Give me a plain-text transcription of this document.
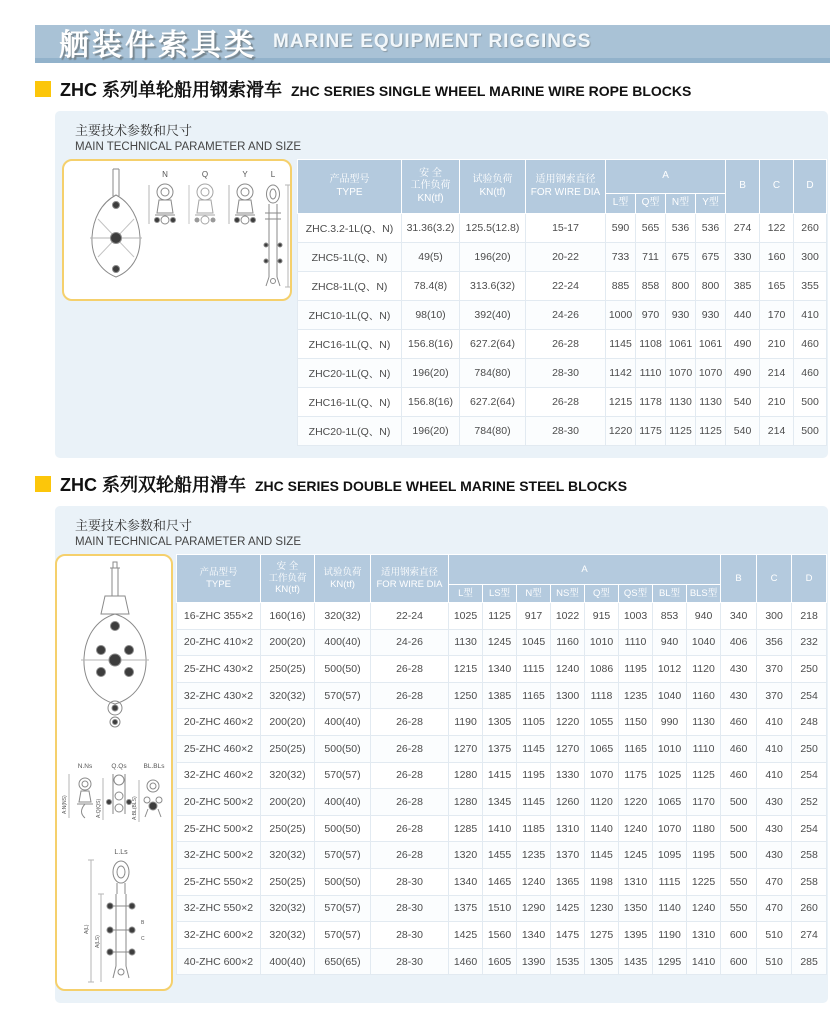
舾装件索具类 MARINE EQUIPMENT RIGGINGS
ZHC 系列单轮船用钢索滑车 ZHC SERIES SINGLE WHEEL MARINE WIRE ROPE BLOCKS
主要技术参数和尺寸
MAIN TECHNICAL PARAMETER AND SIZE
N	Q	Y	L	产品型号
TYPE	安 全
工作负荷
KN(tf)	试验负荷
KN(tf)	适用钢索直径
FOR WIRE DIA	A				B	C	D
				L型	Q型	N型	Y型			
ZHC.3.2-1L(Q、N)	31.36(3.2)	125.5(12.8)	15-17	590	565	536	536	274	122	260
ZHC5-1L(Q、N)	49(5)	196(20)	20-22	733	711	675	675	330	160	300
ZHC8-1L(Q、N)	78.4(8)	313.6(32)	22-24	885	858	800	800	385	165	355
ZHC10-1L(Q、N)	98(10)	392(40)	24-26	1000	970	930	930	440	170	410
ZHC16-1L(Q、N)	156.8(16)	627.2(64)	26-28	1145	1108	1061	1061	490	210	460
ZHC20-1L(Q、N)	196(20)	784(80)	28-30	1142	1110	1070	1070	490	214	460
ZHC16-1L(Q、N)	156.8(16)	627.2(64)	26-28	1215	1178	1130	1130	540	210	500
ZHC20-1L(Q、N)	196(20)	784(80)	28-30	1220	1175	1125	1125	540	214	500
ZHC 系列双轮船用滑车 ZHC SERIES DOUBLE WHEEL MARINE STEEL BLOCKS
主要技术参数和尺寸
MAIN TECHNICAL PARAMETER AND SIZE
N.Ns	Q.Qs	BL.BLs
A:N(NS)	A:Q(QS)	A:BL(BLS)
L.Ls
A(L)
A(LS)
B
C
产品型号
TYPE	安 全
工作负荷
KN(tf)	试验负荷
KN(tf)	适用钢索直径
FOR WIRE DIA	A								B	C	D
				L型	LS型	N型	NS型	Q型	QS型	BL型	BLS型			
16-ZHC 355×2	160(16)	320(32)	22-24	1025	1125	917	1022	915	1003	853	940	340	300	218
20-ZHC 410×2	200(20)	400(40)	24-26	1130	1245	1045	1160	1010	1110	940	1040	406	356	232
25-ZHC 430×2	250(25)	500(50)	26-28	1215	1340	1115	1240	1086	1195	1012	1120	430	370	250
32-ZHC 430×2	320(32)	570(57)	26-28	1250	1385	1165	1300	1118	1235	1040	1160	430	370	254
20-ZHC 460×2	200(20)	400(40)	26-28	1190	1305	1105	1220	1055	1150	990	1130	460	410	248
25-ZHC 460×2	250(25)	500(50)	26-28	1270	1375	1145	1270	1065	1165	1010	1110	460	410	250
32-ZHC 460×2	320(32)	570(57)	26-28	1280	1415	1195	1330	1070	1175	1025	1125	460	410	254
20-ZHC 500×2	200(20)	400(40)	26-28	1280	1345	1145	1260	1120	1220	1065	1170	500	430	252
25-ZHC 500×2	250(25)	500(50)	26-28	1285	1410	1185	1310	1140	1240	1070	1180	500	430	254
32-ZHC 500×2	320(32)	570(57)	26-28	1320	1455	1235	1370	1145	1245	1095	1195	500	430	258
25-ZHC 550×2	250(25)	500(50)	28-30	1340	1465	1240	1365	1198	1310	1115	1225	550	470	258
32-ZHC 550×2	320(32)	570(57)	28-30	1375	1510	1290	1425	1230	1350	1140	1240	550	470	260
32-ZHC 600×2	320(32)	570(57)	28-30	1425	1560	1340	1475	1275	1395	1190	1310	600	510	274
40-ZHC 600×2	400(40)	650(65)	28-30	1460	1605	1390	1535	1305	1435	1295	1410	600	510	285
